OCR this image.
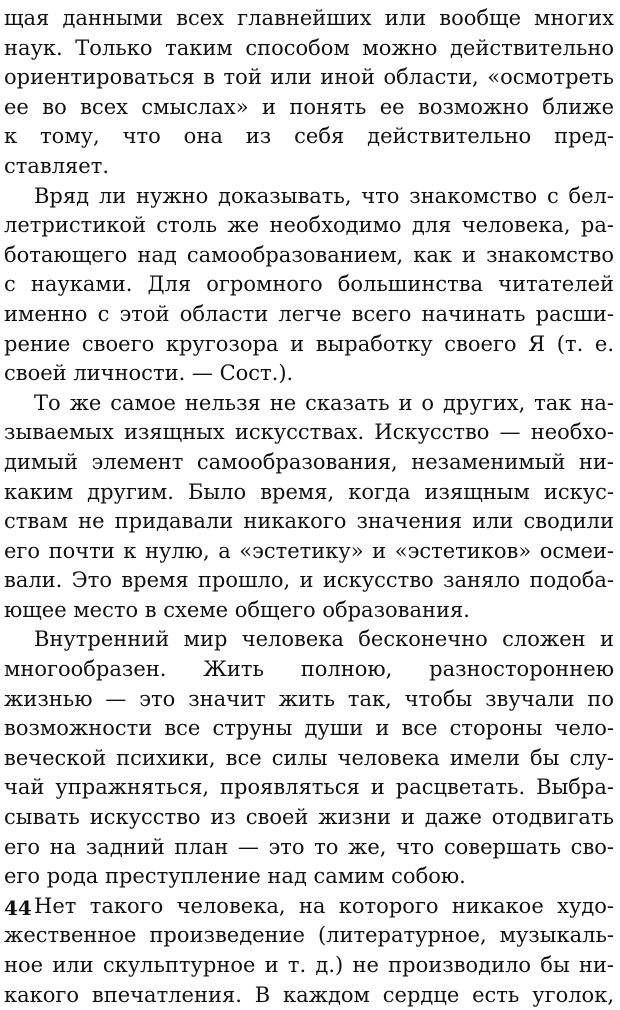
щая данными всех главнейших или вообще многих
наук. Только таким способом можно действительно
ориентироваться в той или иной области, «осмотреть
ее во всех смыслах» и понять ее возможно ближе
к тому, что она из себя действительно пред-
ставляет.
Вряд ли нужно доказывать, что знакомство с бел-
летристикой столь же необходимо для человека, ра-
ботающего над самообразованием, как и знакомство
с науками. Для огромного большинства читателей
именно с этой области легче всего начинать расши-
рение своего кругозора и выработку своего Я (т. е.
своей личности. — Сост.).
То же самое нельзя не сказать и о других, так на-
зываемых изящных искусствах. Искусство — необхо-
димый элемент самообразования, незаменимый ни-
каким другим. Было время, когда изящным искус-
ствам не придавали никакого значения или сводили
его почти к нулю, а «эстетику» и «эстетиков» осмеи-
вали. Это время прошло, и искусство заняло подоба-
ющее место в схеме общего образования.
Внутренний мир человека бесконечно сложен и
многообразен. Жить полною, разностороннею
жизнью — это значит жить так, чтобы звучали по
возможности все струны души и все стороны чело-
веческой психики, все силы человека имели бы слу-
чай упражняться, проявляться и расцветать. Выбра-
сывать искусство из своей жизни и даже отодвигать
его на задний план — это то же, что совершать сво-
его рода преступление над самим собою.
Нет такого человека, на которого никакое худо-
жественное произведение (литературное, музыкаль-
ное или скульптурное и т. д.) не производило бы ни-
какого впечатления. В каждом сердце есть уголок,
44
